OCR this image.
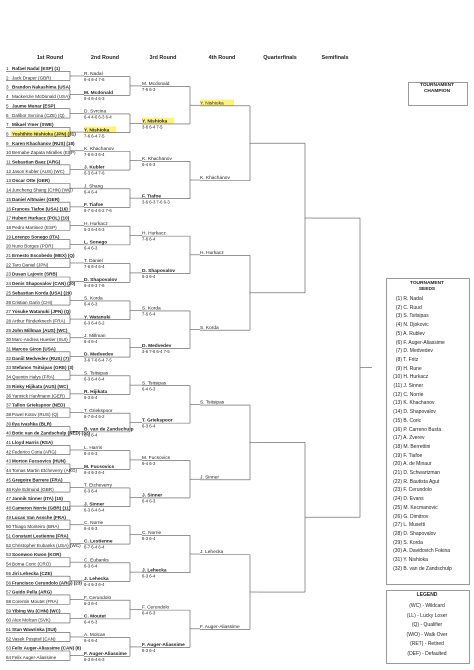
1 Rafael Nadal (ESP) (1)
2 Jack Draper (GBR)
3 Brandon Nakashima (USA)
4 Mackenzie McDonald (USA)
5 Jaume Munar (ESP)
6 Dalibor Svrcina (CZE) (Q)
7 Mikael Ymer (SWE)
8 Yoshihito Nishioka (JPN) (31)
9 Karen Khachanov (RUS) (18)
10 Bernabe Zapata Miralles (ESP)
11 Sebastian Baez (ARG)
12 Jason Kubler (AUS) (WC)
13 Oscar Otte (GER)
14 Juncheng Shang (CHN) (WC)
15 Daniel Altmaier (GER)
16 Frances Tiafoe (USA) (16)
17 Hubert Hurkacz (POL) (10)
18 Pedro Martinez (ESP)
19 Lorenzo Sonego (ITA)
20 Nuno Borges (POR)
21 Ernesto Escobedo (MEX) (Q)
22 Taro Daniel (JPN)
23 Dusan Lajovic (SRB)
24 Denis Shapovalov (CAN) (20)
25 Sebastian Korda (USA) (29)
26 Cristian Garin (CHI)
27 Yosuke Watanuki (JPN) (Q)
28 Arthur Rinderknech (FRA)
29 John Millman (AUS) (WC)
30 Marc-Andrea Huesler (SUI)
31 Marcos Giron (USA)
32 Daniil Medvedev (RUS) (7)
33 Stefanos Tsitsipas (GRE) (3)
34 Quentin Halys (FRA)
35 Rinky Hijikata (AUS) (WC)
36 Yannick Hanfmann (GER)
37 Tallon Griekspoor (NED)
38 Pavel Kotov (RUS) (Q)
39 Ilya Ivashka (BLR)
40 Botic van de Zandschulp (NED) (32)
41 Lloyd Harris (RSA)
42 Federico Coria (ARG)
43 Morton Fucsovics (HUN)
44 Tomas Martin Etcheverry (ARG)
45 Gregoire Barrere (FRA)
46 Kyle Edmund (GBR)
47 Jannik Sinner (ITA) (15)
48 Cameron Norrie (GBR) (11)
49 Lucas Van Assche (FRA)
50 Thiago Monteiro (BRA)
51 Constant Lestienne (FRA)
52 Christopher Eubanks (USA) (WC)
53 Soonwoo Kwon (KOR)
54 Borna Coric (CRO)
55 Jiri Lehecka (CZE)
56 Francisco Cerundolo (ARG) (23)
57 Guido Pella (ARG)
58 Corentin Moutet (FRA)
59 Yibing Wu (CHN) (WC)
60 Alex Molcan (SVK)
61 Stan Wawrinka (SUI)
62 Vasek Pospisil (CAN)
63 Felix Auger-Aliassime (CAN) (8)
64 Felix Auger-Aliassime
R. Nadal
6-4 6-4 7-6
M. Mcdonald
6-4 6-4 6-3
D. Svrcina
6-4 4-6 6-3 6-4
Y. Nishioka
7-6 6-4 7-5
K. Khachanov
7-6 6-3 6-4
J. Kubler
6-3 6-4 7-6
J. Shang
6-4 6-4
F. Tiafoe
6-7 6-4 6-2 7-6
H. Hurkacz
6-3 6-4 6-3
L. Sonego
6-4 6-3
T. Daniel
7-6 6-4 6-4
D. Shapovalov
6-4 6-3 7-6
S. Korda
6-4 6-3
Y. Watanuki
6-3 6-4 6-2
J. Millman
6-4 6-4
D. Medvedev
3-6 7-6 6-4 7-5
S. Tsitsipas
6-3 6-4 6-4
R. Hijikata
6-3 6-4
T. Griekspoor
6-7 6-4 6-2
B. van de Zandschulp
6-3 6-4
L. Harris
6-4 6-3
M. Fucsovics
6-4 6-3 6-4
T. Etcheverry
6-3 6-4
J. Sinner
6-3 6-4 6-4
C. Norrie
6-4 6-3
C. Lestienne
6-7 6-4 6-4
C. Eubanks
6-3 6-4
J. Lehecka
6-4 6-3 6-4
F. Cerundolo
6-3 6-4
C. Moutet
6-4 6-3
A. Molcan
6-4 6-4
F. Auger-Aliassime
6-3 6-4 6-3
M. Mcdonald
7-6 6-3
Y. Nishioka
3-6 6-4 7-5
K. Khachanov
6-4 6-3
F. Tiafoe
3-6 6-3 7-6 6-3
H. Hurkacz
7-6 6-4
D. Shapovalov
6-3 6-4
S. Korda
7-6 6-4
D. Medvedev
3-6 7-6 6-4 7-5
S. Tsitsipas
6-4 6-3
T. Griekspoor
6-3 6-4
M. Fucsovics
6-4 6-3
J. Sinner
6-4 6-3
C. Norrie
6-3 6-4
J. Lehecka
6-3 6-4
F. Cerundolo
6-4 6-3
F. Auger-Aliassime
6-3 6-4
Y. Nishioka
K. Khachanov
H. Hurkacz
S. Korda
S. Tsitsipas
J. Sinner
J. Lehecka
F. Auger-Aliassime
1st Round	2nd Round	3rd Round	4th Round	Quarterfinals	Semifinals
TOURNAMENT
CHAMPION
TOURNAMENT
SEEDS
(1) R. Nadal
(2) C. Ruud
(3) S. Tsitsipas
(4) N. Djokovic
(5) A. Rublev
(6) F. Auger-Aliassime
(7) D. Medvedev
(8) T. Fritz
(9) H. Rune
(10) H. Hurkacz
(11) J. Sinner
(12) C. Norrie
(13) K. Khachanov
(14) D. Shapovalov
(15) B. Coric
(16) P. Carreno Busta
(17) A. Zverev
(18) M. Berrettini
(19) F. Tiafoe
(20) A. de Minaur
(21) D. Schwartzman
(22) R. Bautista Agut
(23) F. Cerundolo
(24) D. Evans
(25) M. Kecmanovic
(26) G. Dimitrov
(27) L. Musetti
(28) D. Shapovalov
(29) S. Korda
(30) A. Davidovich Fokina
(31) Y. Nishioka
(32) B. van de Zandschulp
LEGEND
(WC) - Wildcard
(LL) - Lucky Loser
(Q) - Qualifier
(W/O) - Walk Over
(RET) - Retired
(DEF) - Defaulted
